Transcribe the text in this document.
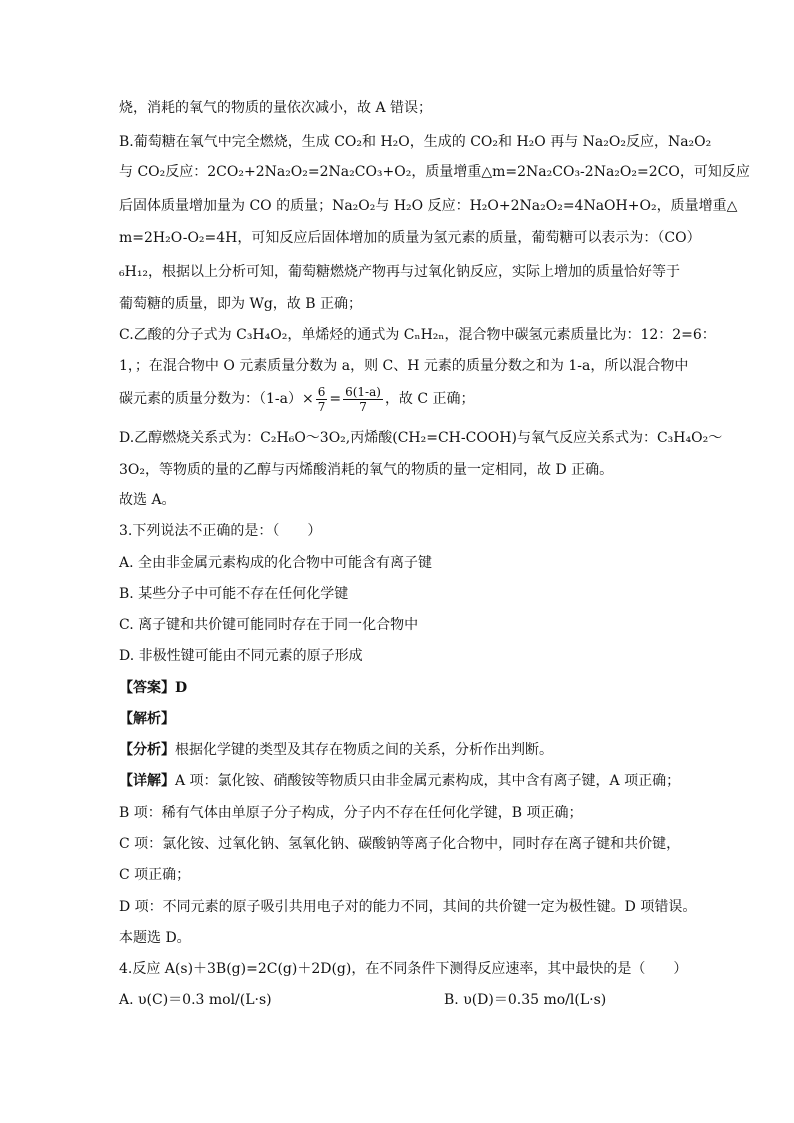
烧，消耗的氧气的物质的量依次减小，故 A 错误；
B.葡萄糖在氧气中完全燃烧，生成 CO₂和 H₂O，生成的 CO₂和 H₂O 再与 Na₂O₂反应，Na₂O₂
与 CO₂反应：2CO₂+2Na₂O₂=2Na₂CO₃+O₂，质量增重△m=2Na₂CO₃-2Na₂O₂=2CO，可知反应
后固体质量增加量为 CO 的质量；Na₂O₂与 H₂O 反应：H₂O+2Na₂O₂=4NaOH+O₂，质量增重△
m=2H₂O-O₂=4H，可知反应后固体增加的质量为氢元素的质量，葡萄糖可以表示为：（CO）
₆H₁₂，根据以上分析可知，葡萄糖燃烧产物再与过氧化钠反应，实际上增加的质量恰好等于
葡萄糖的质量，即为 Wg，故 B 正确；
C.乙酸的分子式为 C₃H₄O₂，单烯烃的通式为 CₙH₂ₙ，混合物中碳氢元素质量比为：12：2=6：
1，；在混合物中 O 元素质量分数为 a，则 C、H 元素的质量分数之和为 1-a，所以混合物中
碳元素的质量分数为：$(1-a)\times \frac{6}{7} = \frac{6(1-a)}{7}$ ，故 C 正确；
D.乙醇燃烧关系式为：C₂H₆O～3O₂,丙烯酸(CH₂=CH-COOH)与氧气反应关系式为：C₃H₄O₂～
3O₂，等物质的量的乙醇与丙烯酸消耗的氧气的物质的量一定相同，故 D 正确。
故选 A。
3.下列说法不正确的是：（　　）
A. 全由非金属元素构成的化合物中可能含有离子键
B. 某些分子中可能不存在任何化学键
C. 离子键和共价键可能同时存在于同一化合物中
D. 非极性键可能由不同元素的原子形成
【答案】D
【解析】
【分析】根据化学键的类型及其存在物质之间的关系，分析作出判断。
【详解】A 项：氯化铵、硝酸铵等物质只由非金属元素构成，其中含有离子键，A 项正确；
B 项：稀有气体由单原子分子构成，分子内不存在任何化学键，B 项正确；
C 项：氯化铵、过氧化钠、氢氧化钠、碳酸钠等离子化合物中，同时存在离子键和共价键，
C 项正确；
D 项：不同元素的原子吸引共用电子对的能力不同，其间的共价键一定为极性键。D 项错误。
本题选 D。
4.反应 A(s)＋3B(g)=2C(g)＋2D(g)，在不同条件下测得反应速率，其中最快的是（　　）
A. υ(C)＝0.3 mol/(L·s)	B. υ(D)＝0.35 mo/l(L·s)
